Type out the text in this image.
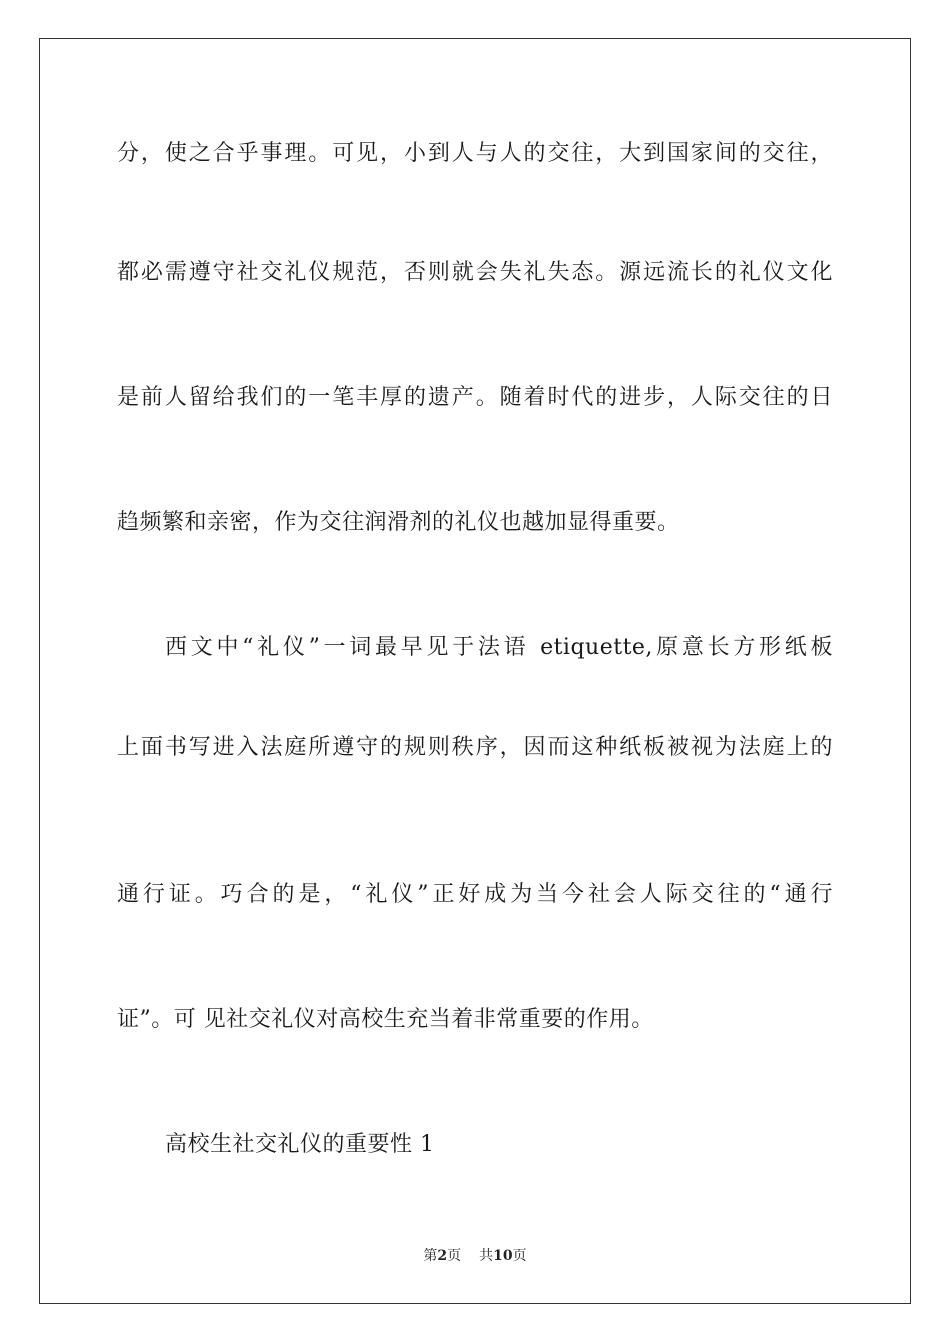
分，使之合乎事理。可见，小到人与人的交往，大到国家间的交往，
都必需遵守社交礼仪规范，否则就会失礼失态。源远流长的礼仪文化
是前人留给我们的一笔丰厚的遗产。随着时代的进步，人际交往的日
趋频繁和亲密，作为交往润滑剂的礼仪也越加显得重要。
西文中“礼仪”一词最早见于法语 etiquette,原意长方形纸板
上面书写进入法庭所遵守的规则秩序，因而这种纸板被视为法庭上的
通行证。巧合的是，“礼仪”正好成为当今社会人际交往的“通行
证”。可 见社交礼仪对高校生充当着非常重要的作用。
高校生社交礼仪的重要性 1
第2页 共10页
